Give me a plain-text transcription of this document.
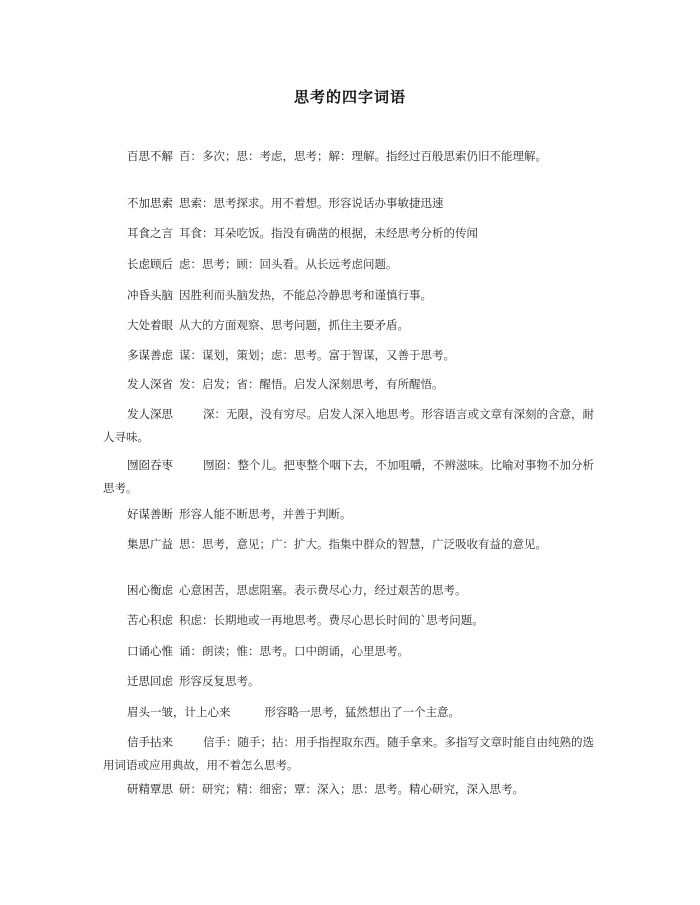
思考的四字词语
百思不解 百：多次；思：考虑，思考；解：理解。指经过百般思索仍旧不能理解。
不加思索 思索：思考探求。用不着想。形容说话办事敏捷迅速
耳食之言 耳食：耳朵吃饭。指没有确凿的根据，未经思考分析的传闻
长虑顾后 虑：思考；顾：回头看。从长远考虑问题。
冲昏头脑 因胜利而头脑发热，不能总冷静思考和谨慎行事。
大处着眼 从大的方面观察、思考问题，抓住主要矛盾。
多谋善虑 谋：谋划，策划；虑：思考。富于智谋，又善于思考。
发人深省 发：启发；省：醒悟。启发人深刻思考，有所醒悟。
发人深思	深：无限，没有穷尽。启发人深入地思考。形容语言或文章有深刻的含意，耐人寻味。
囫囵吞枣	囫囵：整个儿。把枣整个咽下去，不加咀嚼，不辨滋味。比喻对事物不加分析思考。
好谋善断 形容人能不断思考，并善于判断。
集思广益 思：思考，意见；广：扩大。指集中群众的智慧，广泛吸收有益的意见。
困心衡虑 心意困苦，思虑阻塞。表示费尽心力，经过艰苦的思考。
苦心积虑 积虑：长期地或一再地思考。费尽心思长时间的`思考问题。
口诵心惟 诵：朗读；惟：思考。口中朗诵，心里思考。
迁思回虑 形容反复思考。
眉头一皱，计上心来	形容略一思考，猛然想出了一个主意。
信手拈来	信手：随手；拈：用手指捏取东西。随手拿来。多指写文章时能自由纯熟的选用词语或应用典故，用不着怎么思考。
研精覃思 研：研究；精：细密；覃：深入；思：思考。精心研究，深入思考。
